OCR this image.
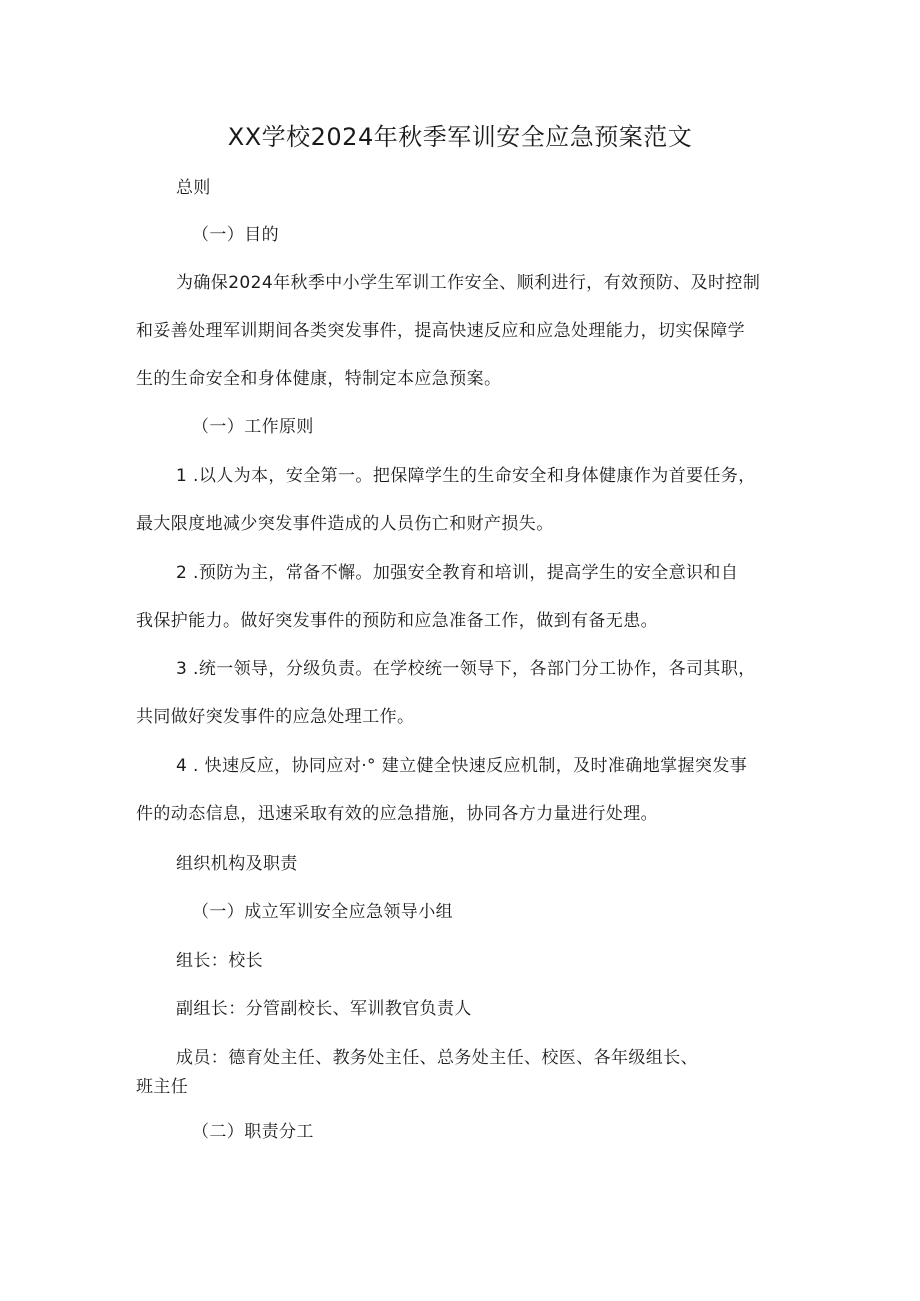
XX学校2024年秋季军训安全应急预案范文
总则
（一）目的
为确保2024年秋季中小学生军训工作安全、顺利进行，有效预防、及时控制
和妥善处理军训期间各类突发事件，提高快速反应和应急处理能力，切实保障学
生的生命安全和身体健康，特制定本应急预案。
（一）工作原则
1 .以人为本，安全第一。把保障学生的生命安全和身体健康作为首要任务，
最大限度地减少突发事件造成的人员伤亡和财产损失。
2 .预防为主，常备不懈。加强安全教育和培训，提高学生的安全意识和自
我保护能力。做好突发事件的预防和应急准备工作，做到有备无患。
3 .统一领导，分级负责。在学校统一领导下，各部门分工协作，各司其职，
共同做好突发事件的应急处理工作。
4 . 快速反应，协同应对·° 建立健全快速反应机制，及时准确地掌握突发事
件的动态信息，迅速采取有效的应急措施，协同各方力量进行处理。
组织机构及职责
（一）成立军训安全应急领导小组
组长：校长
副组长：分管副校长、军训教官负责人
成员：德育处主任、教务处主任、总务处主任、校医、各年级组长、
班主任
（二）职责分工
